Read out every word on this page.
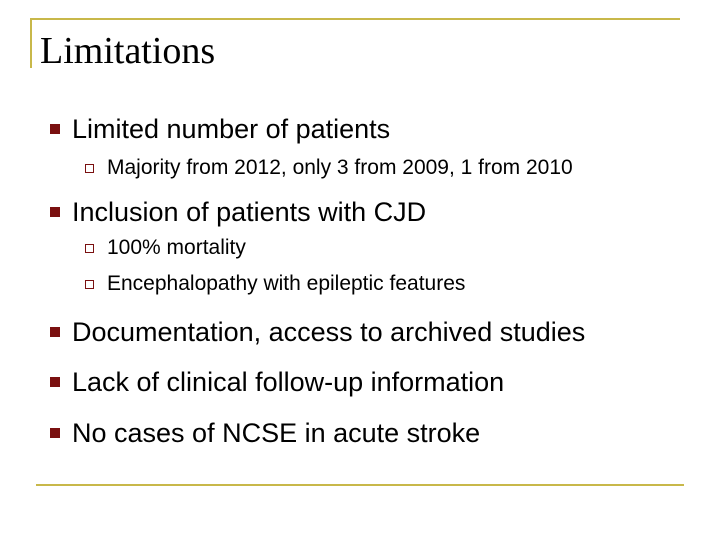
Limitations

Limited number of patients

Majority from 2012, only 3 from 2009, 1 from 2010

Inclusion of patients with CJD

100% mortality

Encephalopathy with epileptic features

Documentation, access to archived studies

Lack of clinical follow-up information

No cases of NCSE in acute stroke
